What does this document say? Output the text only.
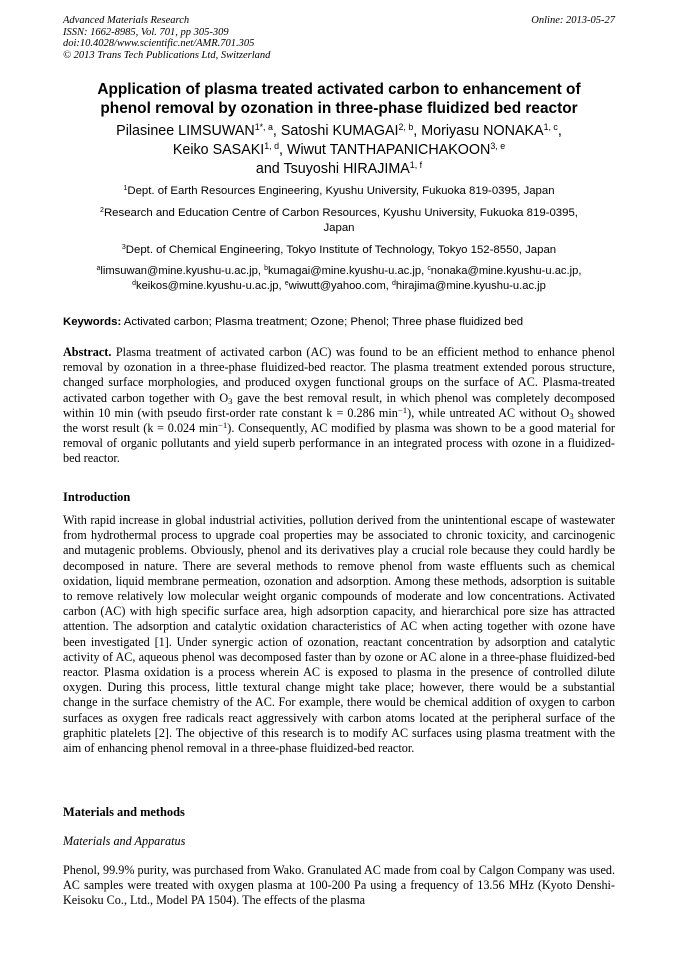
Advanced Materials Research
ISSN: 1662-8985, Vol. 701, pp 305-309
doi:10.4028/www.scientific.net/AMR.701.305
© 2013 Trans Tech Publications Ltd, Switzerland
Online: 2013-05-27
Application of plasma treated activated carbon to enhancement of
phenol removal by ozonation in three-phase fluidized bed reactor
Pilasinee $LIMSUWAN^{1*, a}$, Satoshi KUMAGAI$^{2, b}$, Moriyasu NONAKA$^{1, c}$,
Keiko SASAKI$^{1, d}$, Wiwut TANTHAPANICHAKOON$^{3, e}$
and Tsuyoshi HIRAJIMA$^{1, f}$
$^1$Dept. of Earth Resources Engineering, Kyushu University, Fukuoka 819-0395, Japan
$^2$Research and Education Centre of Carbon Resources, Kyushu University, Fukuoka 819-0395, Japan
$^3$Dept. of Chemical Engineering, Tokyo Institute of Technology, Tokyo 152-8550, Japan
$^a$limsuwan@mine.kyushu-u.ac.jp, $^b$kumagai@mine.kyushu-u.ac.jp, $^c$nonaka@mine.kyushu-u.ac.jp,
$^d$keikos@mine.kyushu-u.ac.jp, $^e$wiwutt@yahoo.com, $^d$hirajima@mine.kyushu-u.ac.jp
Keywords: Activated carbon; Plasma treatment; Ozone; Phenol; Three phase fluidized bed
Abstract. Plasma treatment of activated carbon (AC) was found to be an efficient method to enhance phenol removal by ozonation in a three-phase fluidized-bed reactor. The plasma treatment extended porous structure, changed surface morphologies, and produced oxygen functional groups on the surface of AC. Plasma-treated activated carbon together with $O_3$ gave the best removal result, in which phenol was completely decomposed within 10 min (with pseudo first-order rate constant k = 0.286 $\min^{-1}$), while untreated AC without $O_3$ showed the worst result (k = 0.024 $\min^{-1}$). Consequently, AC modified by plasma was shown to be a good material for removal of organic pollutants and yield superb performance in an integrated process with ozone in a fluidized-bed reactor.
Introduction
With rapid increase in global industrial activities, pollution derived from the unintentional escape of wastewater from hydrothermal process to upgrade coal properties may be associated to chronic toxicity, and carcinogenic and mutagenic problems. Obviously, phenol and its derivatives play a crucial role because they could hardly be decomposed in nature. There are several methods to remove phenol from waste effluents such as chemical oxidation, liquid membrane permeation, ozonation and adsorption. Among these methods, adsorption is suitable to remove relatively low molecular weight organic compounds of moderate and low concentrations. Activated carbon (AC) with high specific surface area, high adsorption capacity, and hierarchical pore size has attracted attention. The adsorption and catalytic oxidation characteristics of AC when acting together with ozone have been investigated [1]. Under synergic action of ozonation, reactant concentration by adsorption and catalytic activity of AC, aqueous phenol was decomposed faster than by ozone or AC alone in a three-phase fluidized-bed reactor. Plasma oxidation is a process wherein AC is exposed to plasma in the presence of controlled dilute oxygen. During this process, little textural change might take place; however, there would be a substantial change in the surface chemistry of the AC. For example, there would be chemical addition of oxygen to carbon surfaces as oxygen free radicals react aggressively with carbon atoms located at the peripheral surface of the graphitic platelets [2]. The objective of this research is to modify AC surfaces using plasma treatment with the aim of enhancing phenol removal in a three-phase fluidized-bed reactor.
Materials and methods
Materials and Apparatus
Phenol, 99.9% purity, was purchased from Wako. Granulated AC made from coal by Calgon Company was used. AC samples were treated with oxygen plasma at 100-200 Pa using a frequency of 13.56 MHz (Kyoto Denshi-Keisoku Co., Ltd., Model PA 1504). The effects of the plasma
